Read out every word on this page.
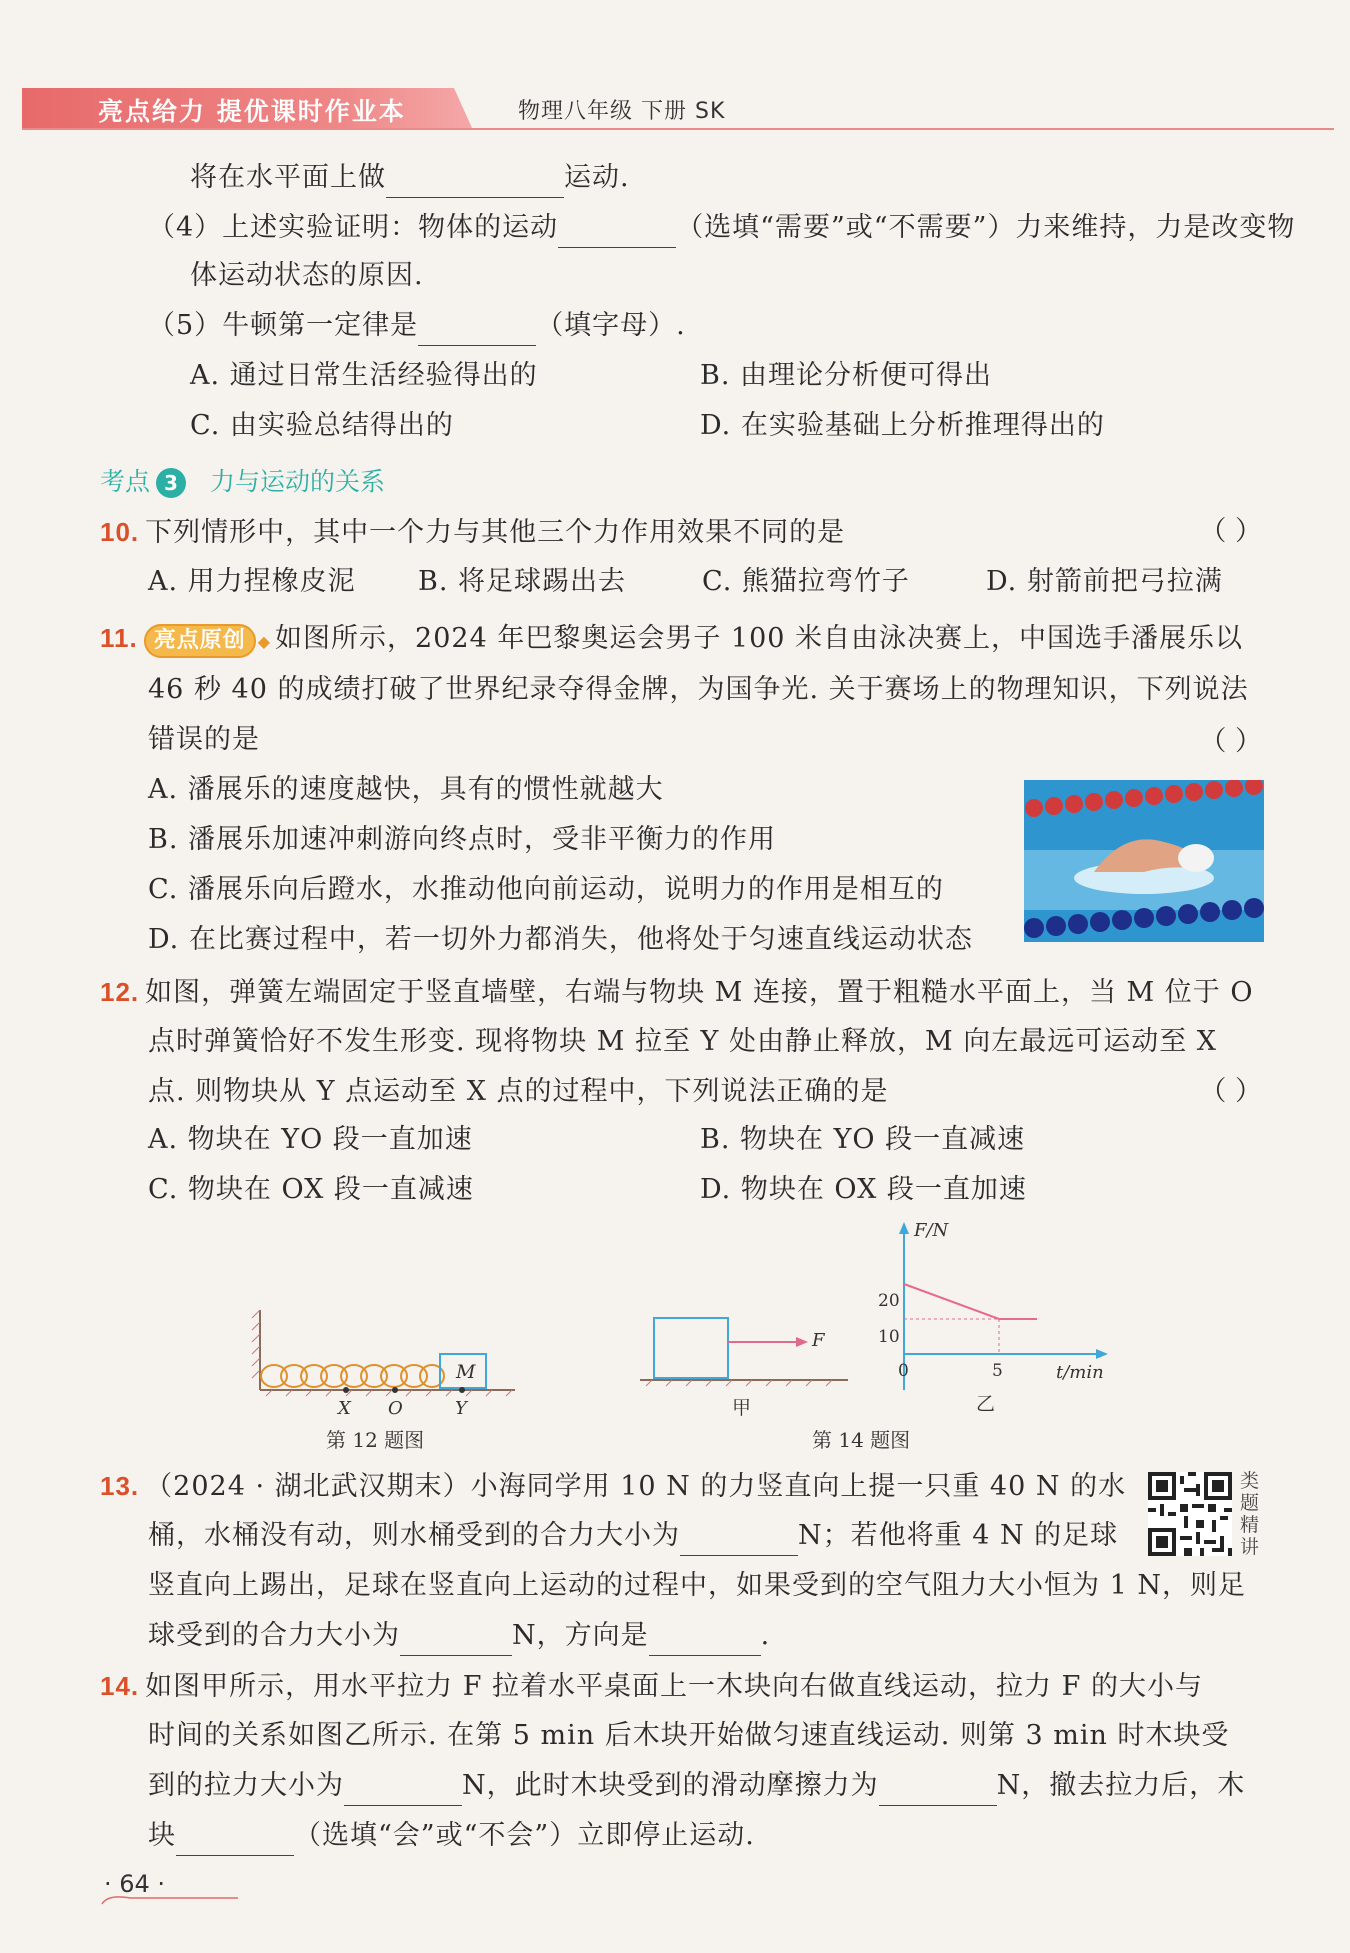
亮点给力 提优课时作业本	物理八年级 下册 SK
将在水平面上做	运动.
（4）上述实验证明：物体的运动	（选填“需要”或“不需要”）力来维持，力是改变物
体运动状态的原因.
（5）牛顿第一定律是	（填字母）.
A. 通过日常生活经验得出的	B. 由理论分析便可得出
C. 由实验总结得出的	D. 在实验基础上分析推理得出的
考点 3 力与运动的关系
10. 下列情形中，其中一个力与其他三个力作用效果不同的是	（ ）
A. 用力捏橡皮泥 B. 将足球踢出去	C. 熊猫拉弯竹子	D. 射箭前把弓拉满
11. 亮点原创 ◆ 如图所示，2024 年巴黎奥运会男子 100 米自由泳决赛上，中国选手潘展乐以
46 秒 40 的成绩打破了世界纪录夺得金牌，为国争光. 关于赛场上的物理知识，下列说法
错误的是	（ ）
A. 潘展乐的速度越快，具有的惯性就越大
B. 潘展乐加速冲刺游向终点时，受非平衡力的作用
C. 潘展乐向后蹬水，水推动他向前运动，说明力的作用是相互的
D. 在比赛过程中，若一切外力都消失，他将处于匀速直线运动状态
12. 如图，弹簧左端固定于竖直墙壁，右端与物块 M 连接，置于粗糙水平面上，当 M 位于 O
点时弹簧恰好不发生形变. 现将物块 M 拉至 Y 处由静止释放，M 向左最远可运动至 X
点. 则物块从 Y 点运动至 X 点的过程中，下列说法正确的是	（ ）
A. 物块在 YO 段一直加速	B. 物块在 YO 段一直减速
C. 物块在 OX 段一直减速	D. 物块在 OX 段一直加速
M
X O	Y
第 12 题图
F
甲
F/N
t/min
20
10
0	5
乙
第 14 题图
13. （2024 · 湖北武汉期末）小海同学用 10 N 的力竖直向上提一只重 40 N 的水
桶，水桶没有动，则水桶受到的合力大小为	N；若他将重 4 N 的足球
竖直向上踢出，足球在竖直向上运动的过程中，如果受到的空气阻力大小恒为 1 N，则足
球受到的合力大小为	N，方向是	.
类题精讲
14. 如图甲所示，用水平拉力 F 拉着水平桌面上一木块向右做直线运动，拉力 F 的大小与
时间的关系如图乙所示. 在第 5 min 后木块开始做匀速直线运动. 则第 3 min 时木块受
到的拉力大小为	N，此时木块受到的滑动摩擦力为	N，撤去拉力后，木
块	（选填“会”或“不会”）立即停止运动.
· 64 ·
